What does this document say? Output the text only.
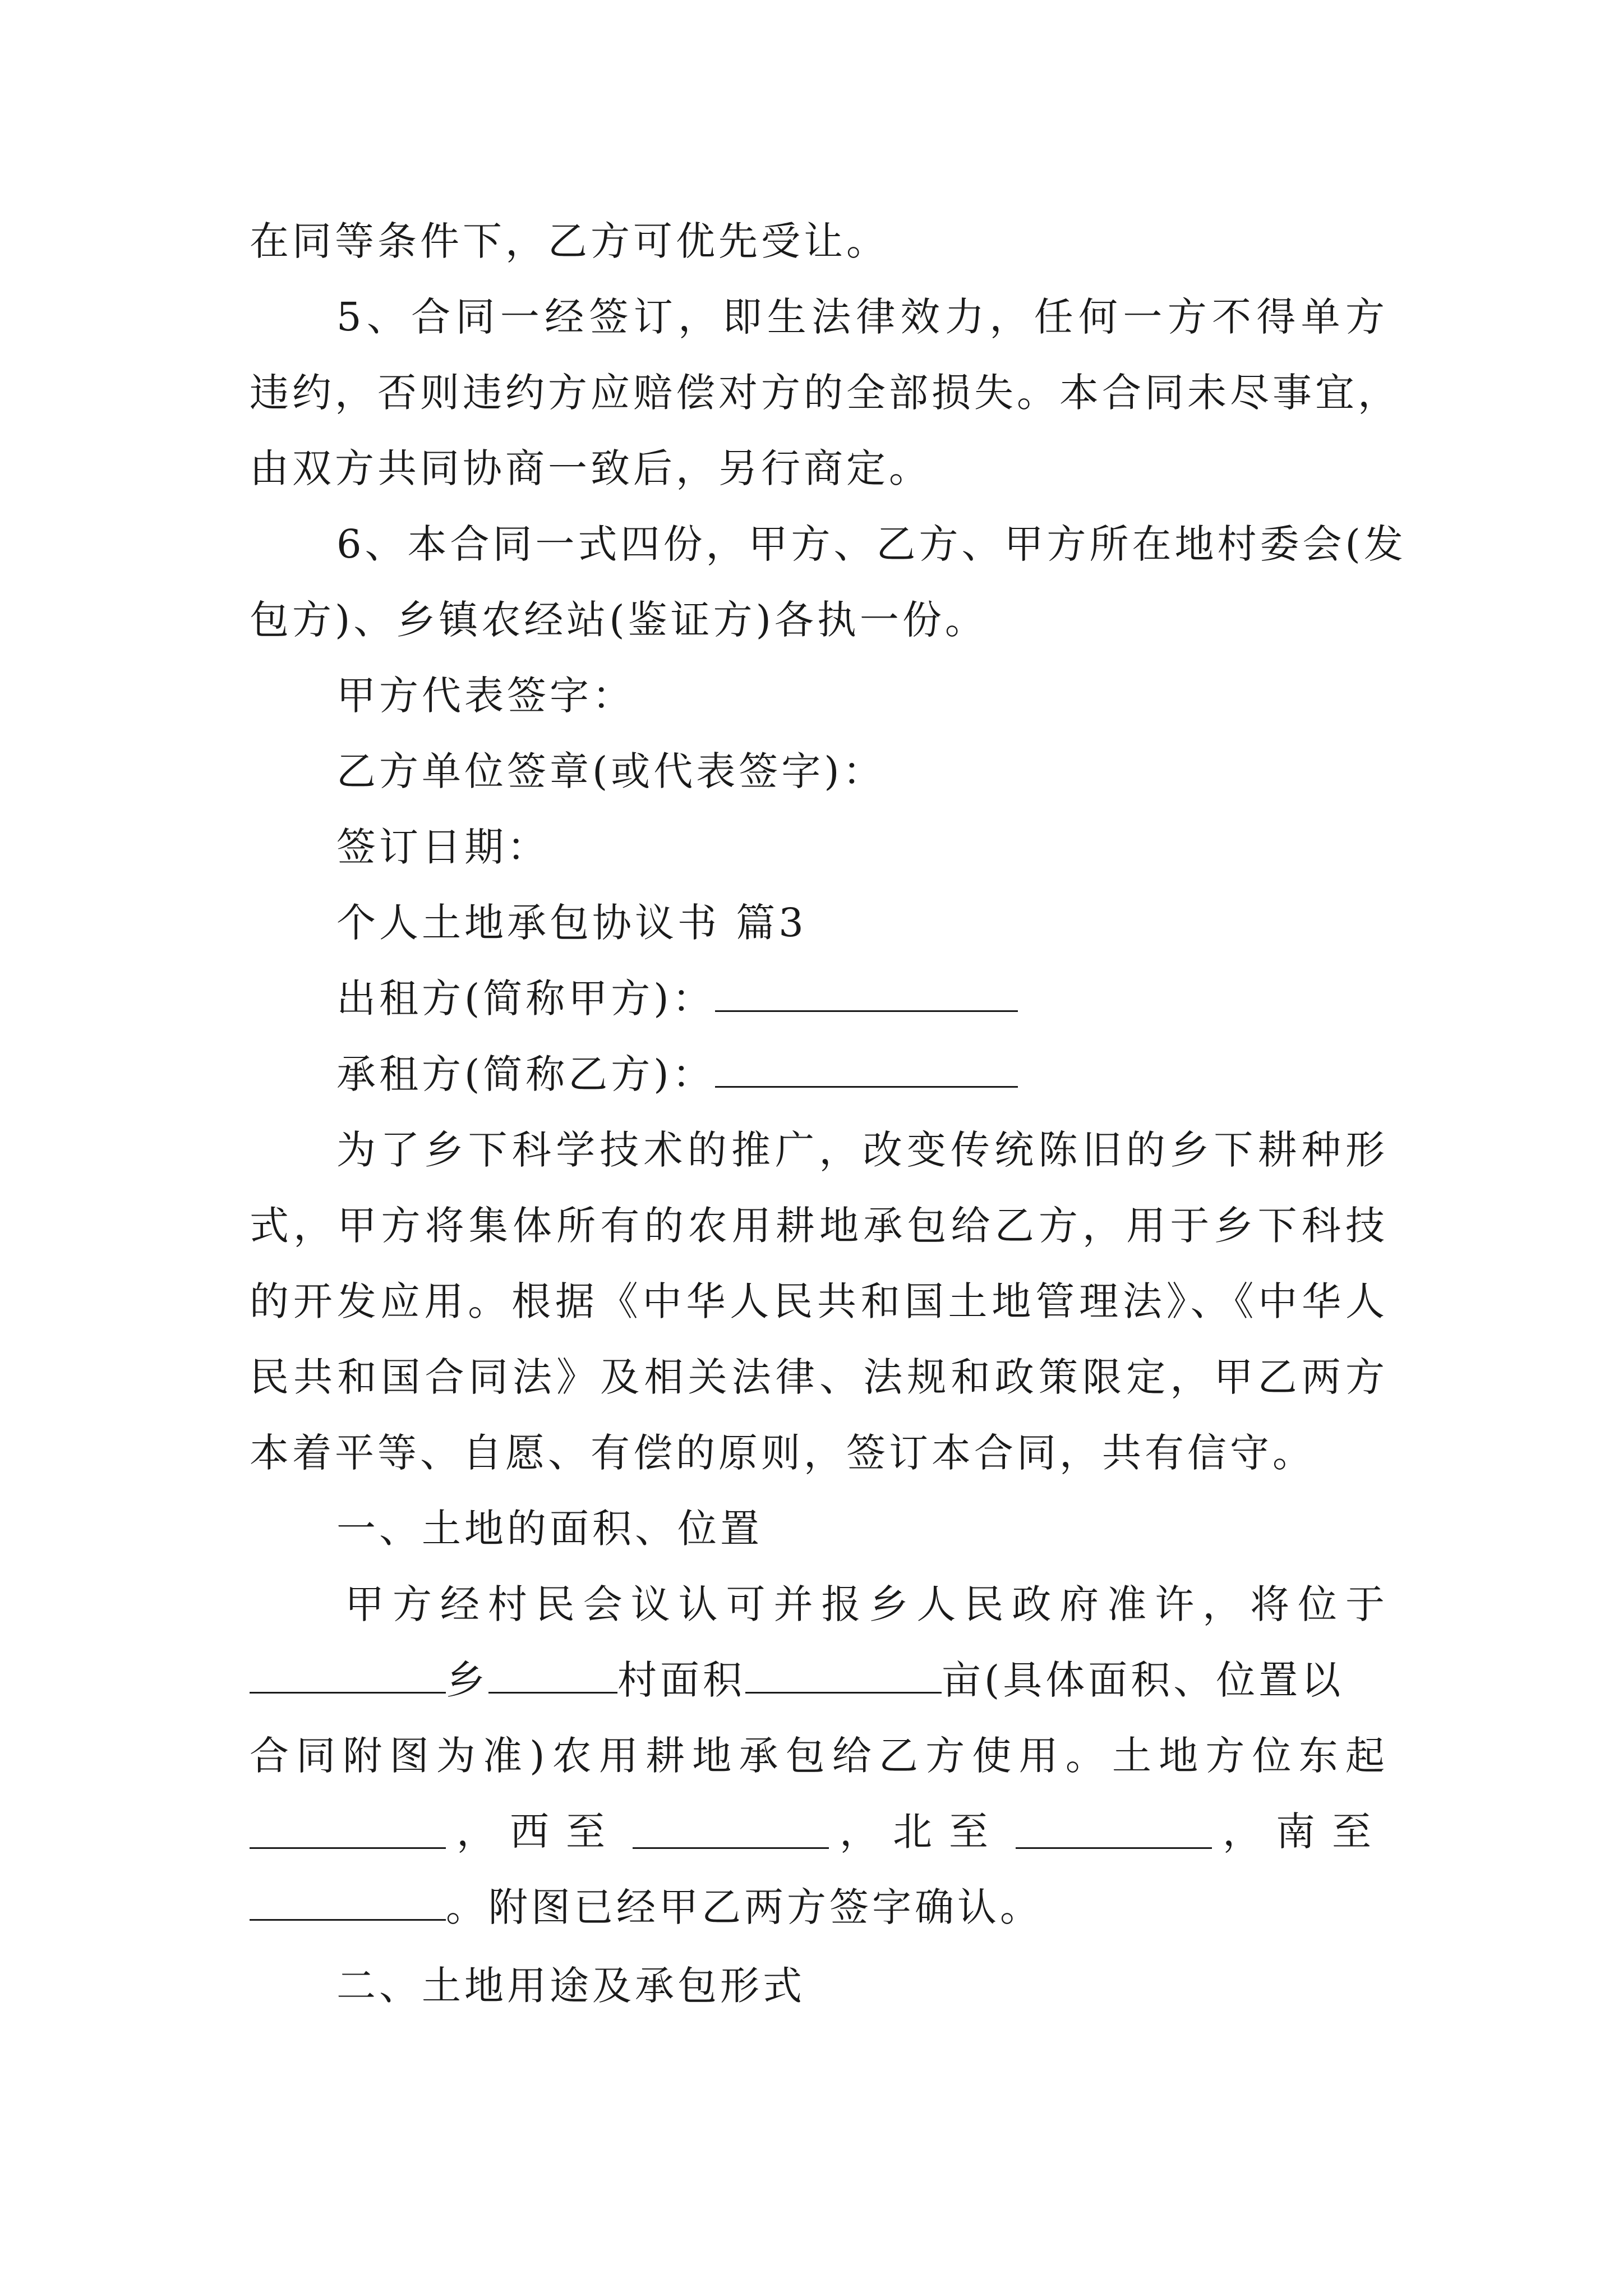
在同等条件下，乙方可优先受让。
5、合同一经签订，即生法律效力，任何一方不得单方
违约，否则违约方应赔偿对方的全部损失。本合同未尽事宜，
由双方共同协商一致后，另行商定。
6、本合同一式四份，甲方、乙方、甲方所在地村委会(发
包方)、乡镇农经站(鉴证方)各执一份。
甲方代表签字：
乙方单位签章(或代表签字)：
签订日期：
个人土地承包协议书 篇3
出租方(简称甲方)：
承租方(简称乙方)：
为了乡下科学技术的推广，改变传统陈旧的乡下耕种形
式，甲方将集体所有的农用耕地承包给乙方，用于乡下科技
的开发应用。根据《中华人民共和国土地管理法》、《中华人
民共和国合同法》及相关法律、法规和政策限定，甲乙两方
本着平等、自愿、有偿的原则，签订本合同，共有信守。
一、土地的面积、位置
甲方经村民会议认可并报乡人民政府准许，将位于
乡	村面积	亩(具体面积、位置以
合同附图为准)农用耕地承包给乙方使用。土地方位东起
， 西至	， 北至	， 南至
。附图已经甲乙两方签字确认。
二、土地用途及承包形式
